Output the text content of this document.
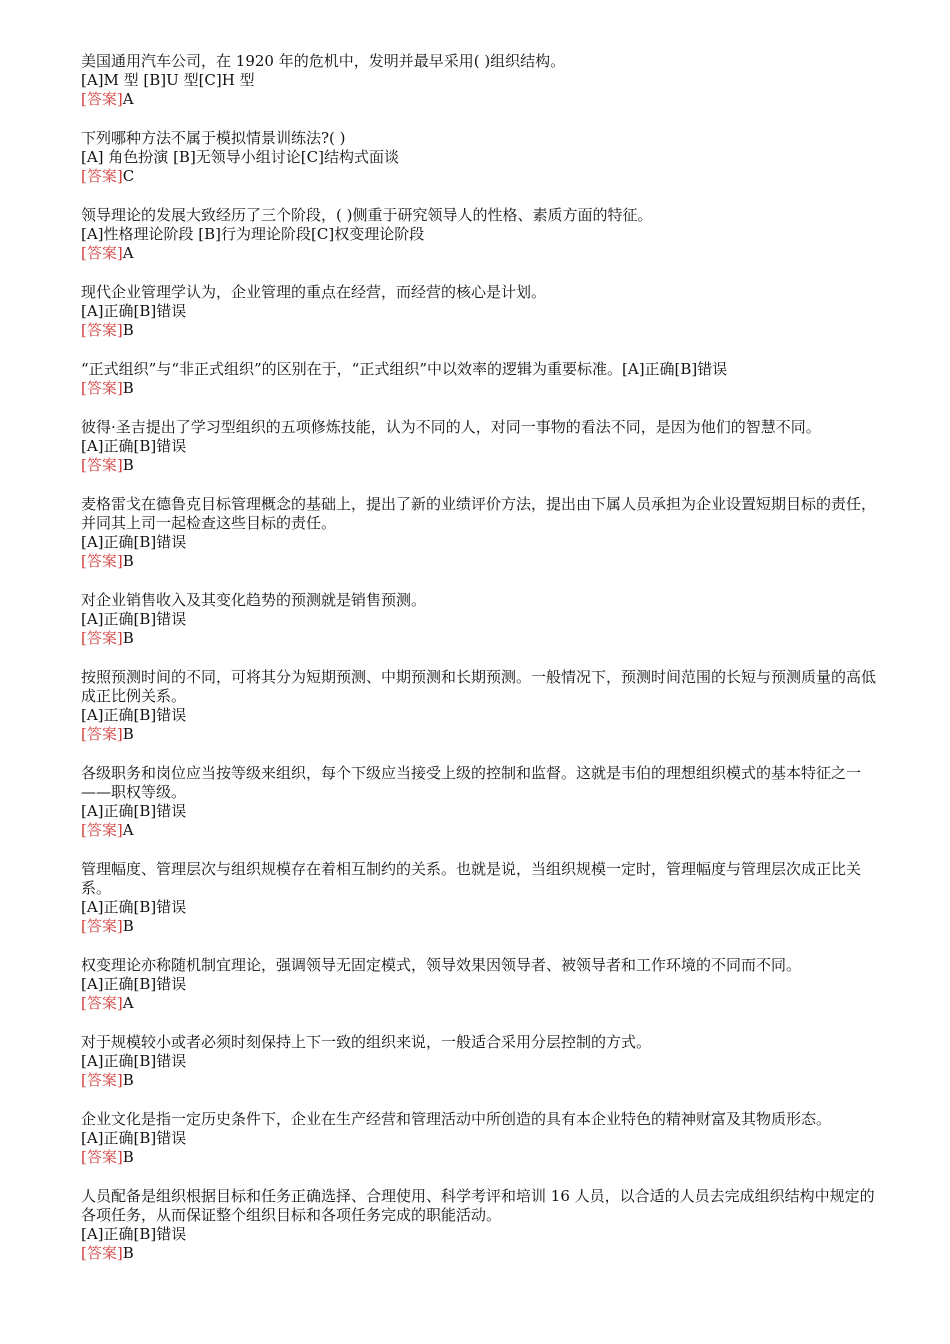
美国通用汽车公司，在 1920 年的危机中，发明并最早采用( )组织结构。
[A]M 型 [B]U 型[C]H 型
[答案]A
下列哪种方法不属于模拟情景训练法?( )
[A] 角色扮演 [B]无领导小组讨论[C]结构式面谈
[答案]C
领导理论的发展大致经历了三个阶段，( )侧重于研究领导人的性格、素质方面的特征。
[A]性格理论阶段 [B]行为理论阶段[C]权变理论阶段
[答案]A
现代企业管理学认为，企业管理的重点在经营，而经营的核心是计划。
[A]正确[B]错误
[答案]B
“正式组织”与“非正式组织”的区别在于，“正式组织”中以效率的逻辑为重要标准。[A]正确[B]错误
[答案]B
彼得·圣吉提出了学习型组织的五项修炼技能，认为不同的人，对同一事物的看法不同，是因为他们的智慧不同。
[A]正确[B]错误
[答案]B
麦格雷戈在德鲁克目标管理概念的基础上，提出了新的业绩评价方法，提出由下属人员承担为企业设置短期目标的责任，并同其上司一起检查这些目标的责任。
[A]正确[B]错误
[答案]B
对企业销售收入及其变化趋势的预测就是销售预测。
[A]正确[B]错误
[答案]B
按照预测时间的不同，可将其分为短期预测、中期预测和长期预测。一般情况下，预测时间范围的长短与预测质量的高低成正比例关系。
[A]正确[B]错误
[答案]B
各级职务和岗位应当按等级来组织，每个下级应当接受上级的控制和监督。这就是韦伯的理想组织模式的基本特征之一——职权等级。
[A]正确[B]错误
[答案]A
管理幅度、管理层次与组织规模存在着相互制约的关系。也就是说，当组织规模一定时，管理幅度与管理层次成正比关系。
[A]正确[B]错误
[答案]B
权变理论亦称随机制宜理论，强调领导无固定模式，领导效果因领导者、被领导者和工作环境的不同而不同。
[A]正确[B]错误
[答案]A
对于规模较小或者必须时刻保持上下一致的组织来说，一般适合采用分层控制的方式。
[A]正确[B]错误
[答案]B
企业文化是指一定历史条件下，企业在生产经营和管理活动中所创造的具有本企业特色的精神财富及其物质形态。
[A]正确[B]错误
[答案]B
人员配备是组织根据目标和任务正确选择、合理使用、科学考评和培训 16 人员，以合适的人员去完成组织结构中规定的各项任务，从而保证整个组织目标和各项任务完成的职能活动。
[A]正确[B]错误
[答案]B
